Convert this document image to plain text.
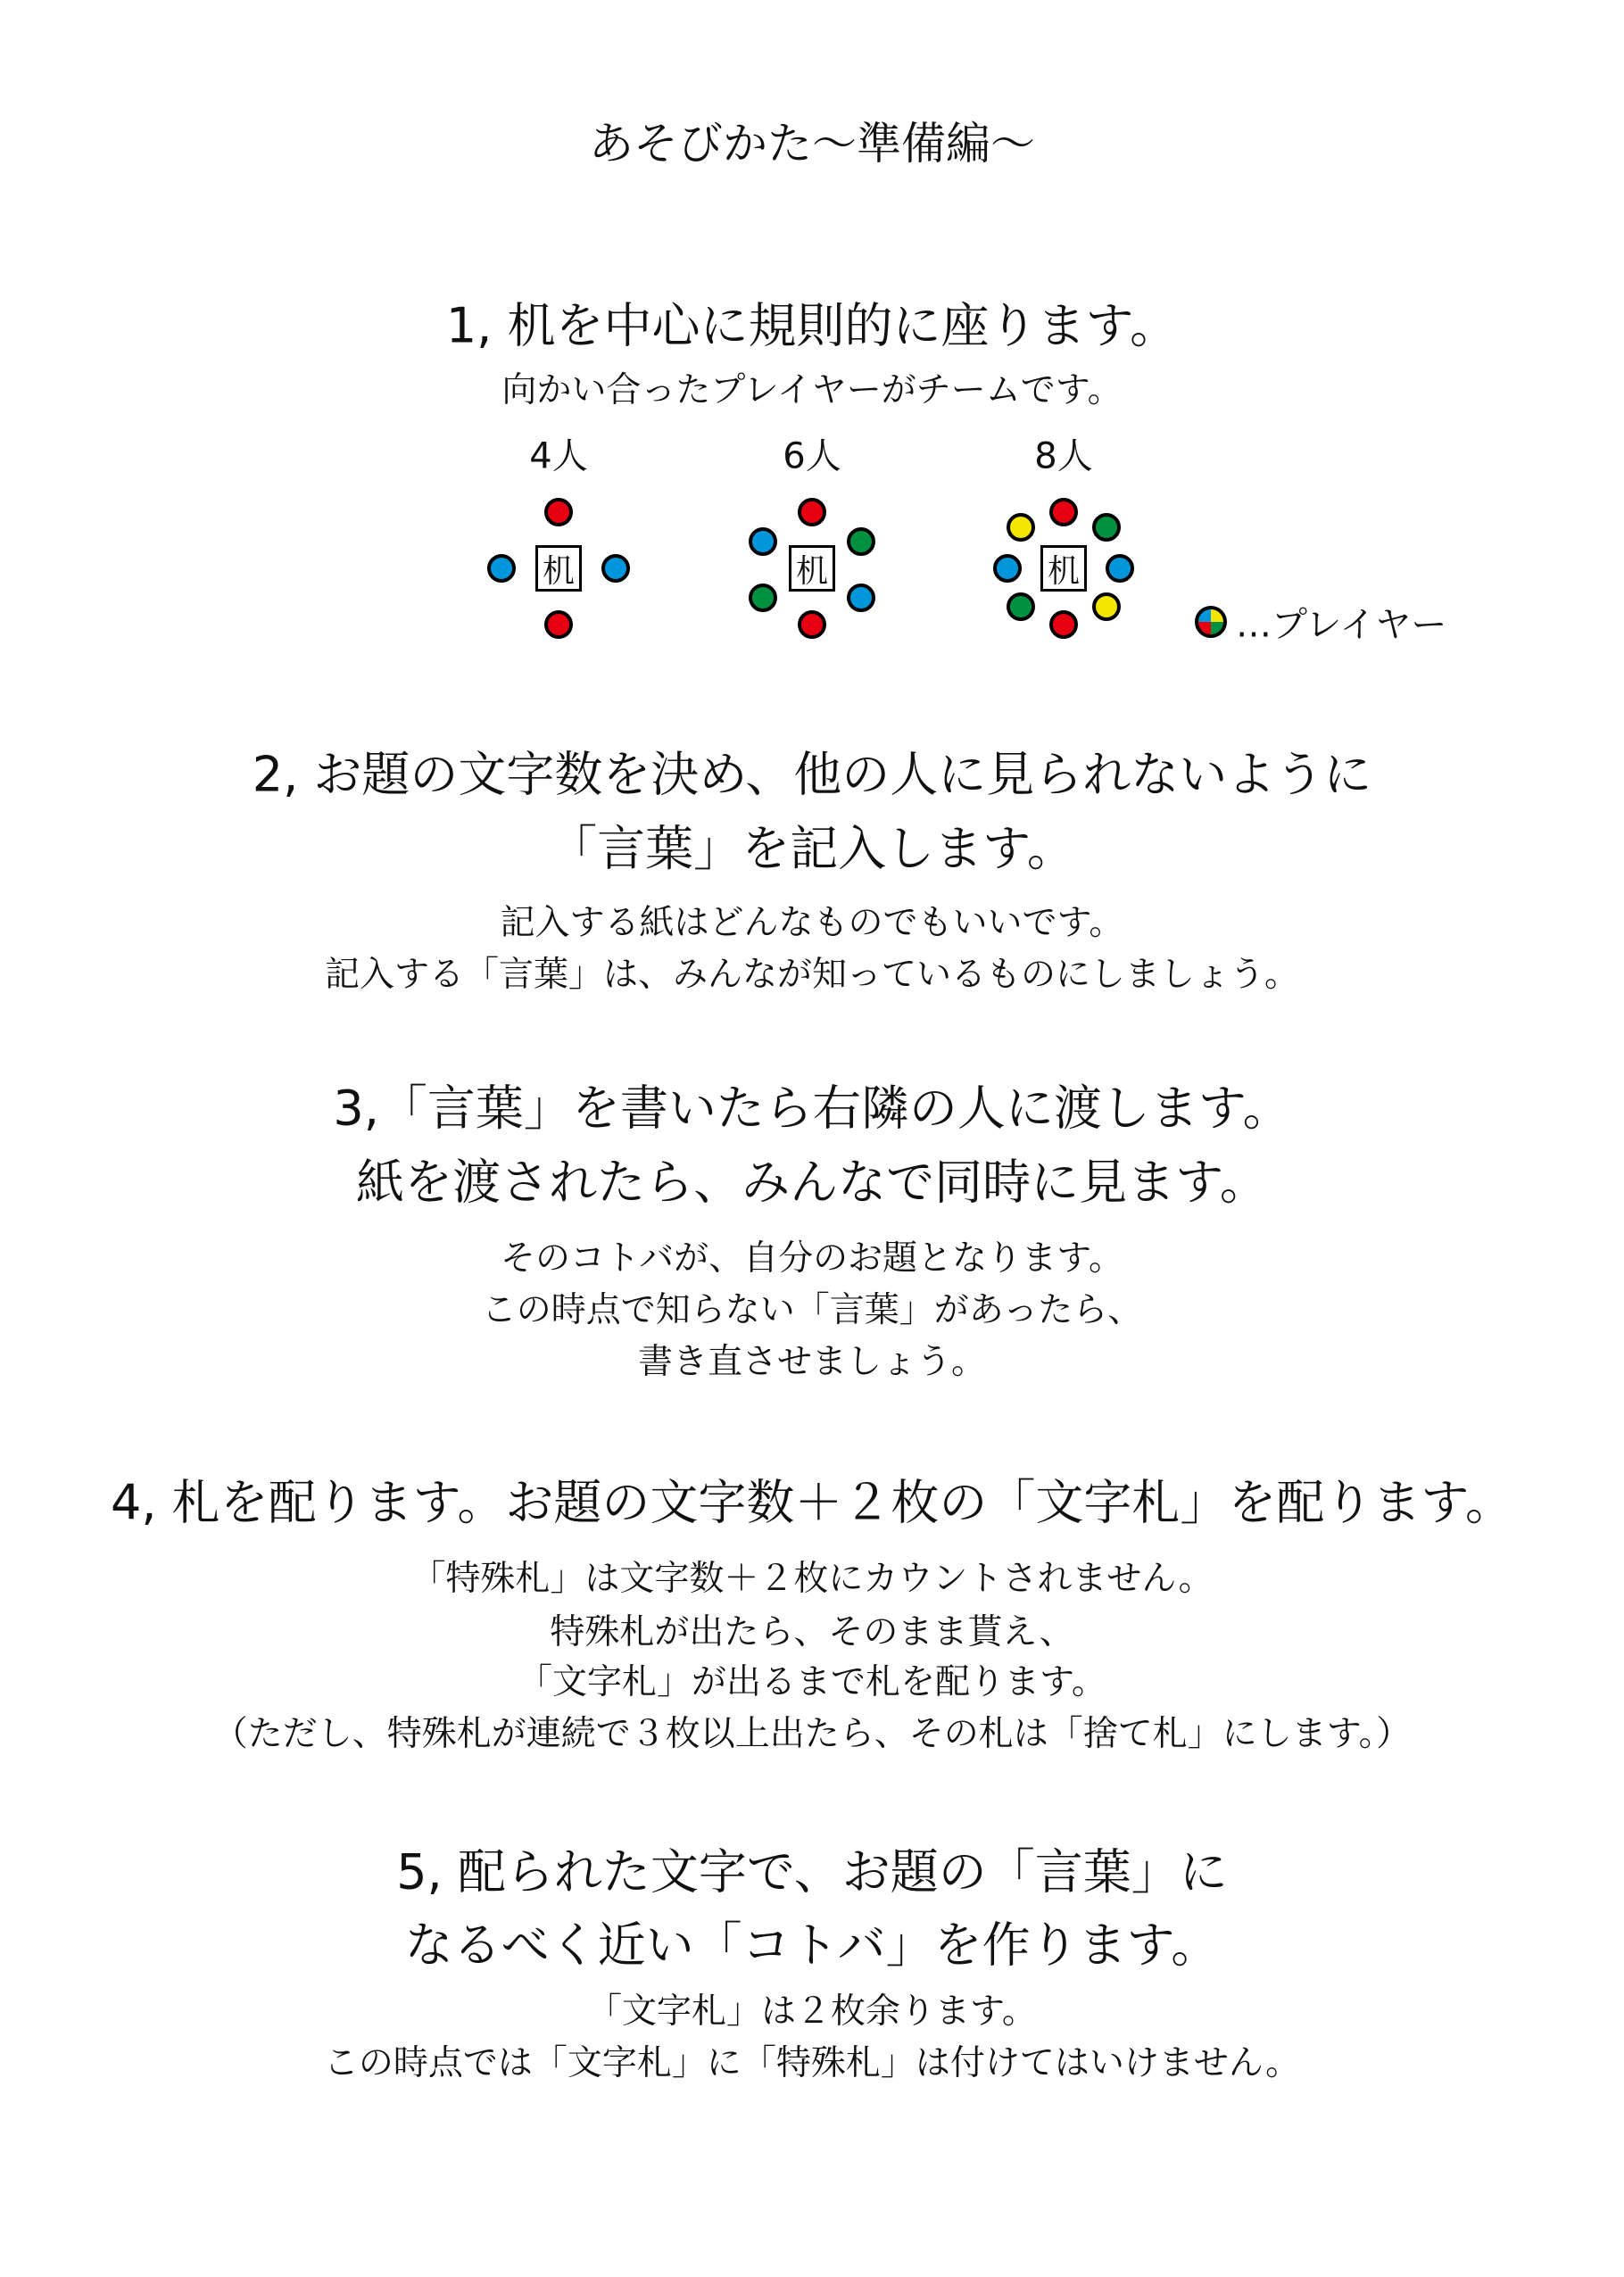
あそびかた〜準備編〜
1, 机を中心に規則的に座ります。
向かい合ったプレイヤーがチームです。
4人
机
6人
机
8人
机
…プレイヤー
2, お題の文字数を決め、他の人に見られないように
「言葉」を記入します。
記入する紙はどんなものでもいいです。
記入する「言葉」は、みんなが知っているものにしましょう。
3,「言葉」を書いたら右隣の人に渡します。
紙を渡されたら、みんなで同時に見ます。
そのコトバが、自分のお題となります。
この時点で知らない「言葉」があったら、
書き直させましょう。
4, 札を配ります。お題の文字数＋２枚の「文字札」を配ります。
「特殊札」は文字数＋２枚にカウントされません。
特殊札が出たら、そのまま貰え、
「文字札」が出るまで札を配ります。
（ただし、特殊札が連続で３枚以上出たら、その札は「捨て札」にします。）
5, 配られた文字で、お題の「言葉」に
なるべく近い「コトバ」を作ります。
「文字札」は２枚余ります。
この時点では「文字札」に「特殊札」は付けてはいけません。
